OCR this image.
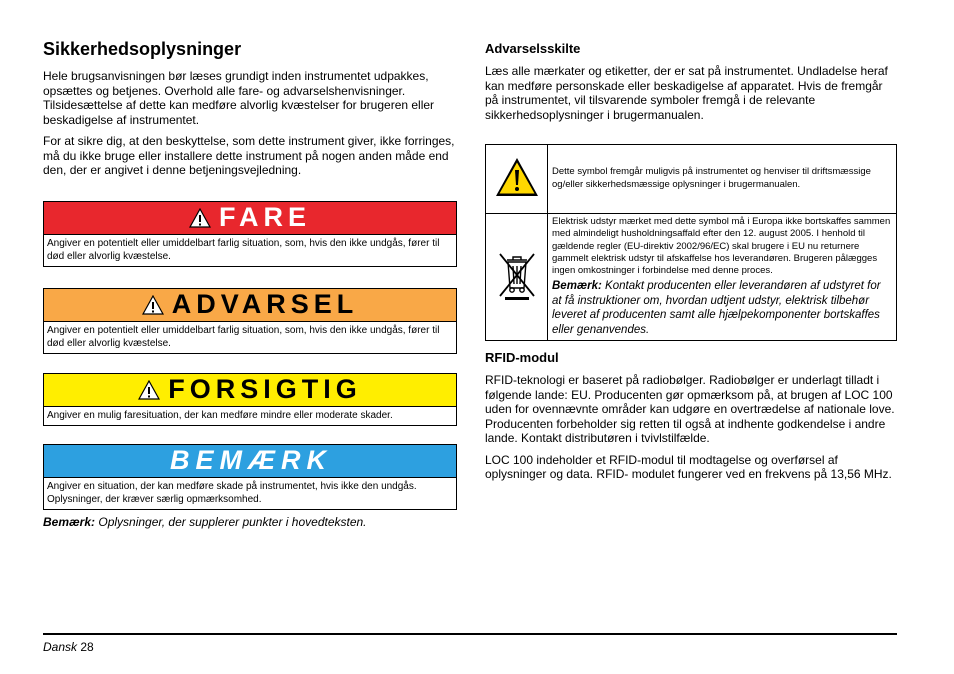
Sikkerhedsoplysninger

Hele brugsanvisningen bør læses grundigt inden instrumentet udpakkes, opsættes og betjenes. Overhold alle fare- og advarselshenvisninger. Tilsidesættelse af dette kan medføre alvorlig kvæstelser for brugeren eller beskadigelse af instrumentet.

For at sikre dig, at den beskyttelse, som dette instrument giver, ikke forringes, må du ikke bruge eller installere dette instrument på nogen anden måde end den, der er angivet i denne betjeningsvejledning.

FARE
Angiver en potentielt eller umiddelbart farlig situation, som, hvis den ikke undgås, fører til død eller alvorlig kvæstelse.
ADVARSEL
Angiver en potentielt eller umiddelbart farlig situation, som, hvis den ikke undgås, fører til død eller alvorlig kvæstelse.
FORSIGTIG
Angiver en mulig faresituation, der kan medføre mindre eller moderate skader.
BEMÆRK
Angiver en situation, der kan medføre skade på instrumentet, hvis ikke den undgås. Oplysninger, der kræver særlig opmærksomhed.

Bemærk: Oplysninger, der supplerer punkter i hovedteksten.

Advarselsskilte

Læs alle mærkater og etiketter, der er sat på instrumentet. Undladelse heraf kan medføre personskade eller beskadigelse af apparatet. Hvis de fremgår på instrumentet, vil tilsvarende symboler fremgå i de relevante sikkerhedsoplysninger i brugermanualen.

	Dette symbol fremgår muligvis på instrumentet og henviser til driftsmæssige og/eller sikkerhedsmæssige oplysninger i brugermanualen.
	Elektrisk udstyr mærket med dette symbol må i Europa ikke bortskaffes sammen med almindeligt husholdningsaffald efter den 12. august 2005. I henhold til gældende regler (EU-direktiv 2002/96/EC) skal brugere i EU nu returnere gammelt elektrisk udstyr til afskaffelse hos leverandøren. Brugeren pålægges ingen omkostninger i forbindelse med denne proces.
Bemærk: Kontakt producenten eller leverandøren af udstyret for at få instruktioner om, hvordan udtjent udstyr, elektrisk tilbehør leveret af producenten samt alle hjælpekomponenter bortskaffes eller genanvendes.
RFID-modul

RFID-teknologi er baseret på radiobølger. Radiobølger er underlagt tilladt i følgende lande: EU. Producenten gør opmærksom på, at brugen af LOC 100 uden for ovennævnte områder kan udgøre en overtrædelse af nationale love. Producenten forbeholder sig retten til også at indhente godkendelse i andre lande. Kontakt distributøren i tvivlstilfælde.

LOC 100 indeholder et RFID-modul til modtagelse og overførsel af oplysninger og data. RFID- modulet fungerer ved en frekvens på 13,56 MHz.

Dansk 28
